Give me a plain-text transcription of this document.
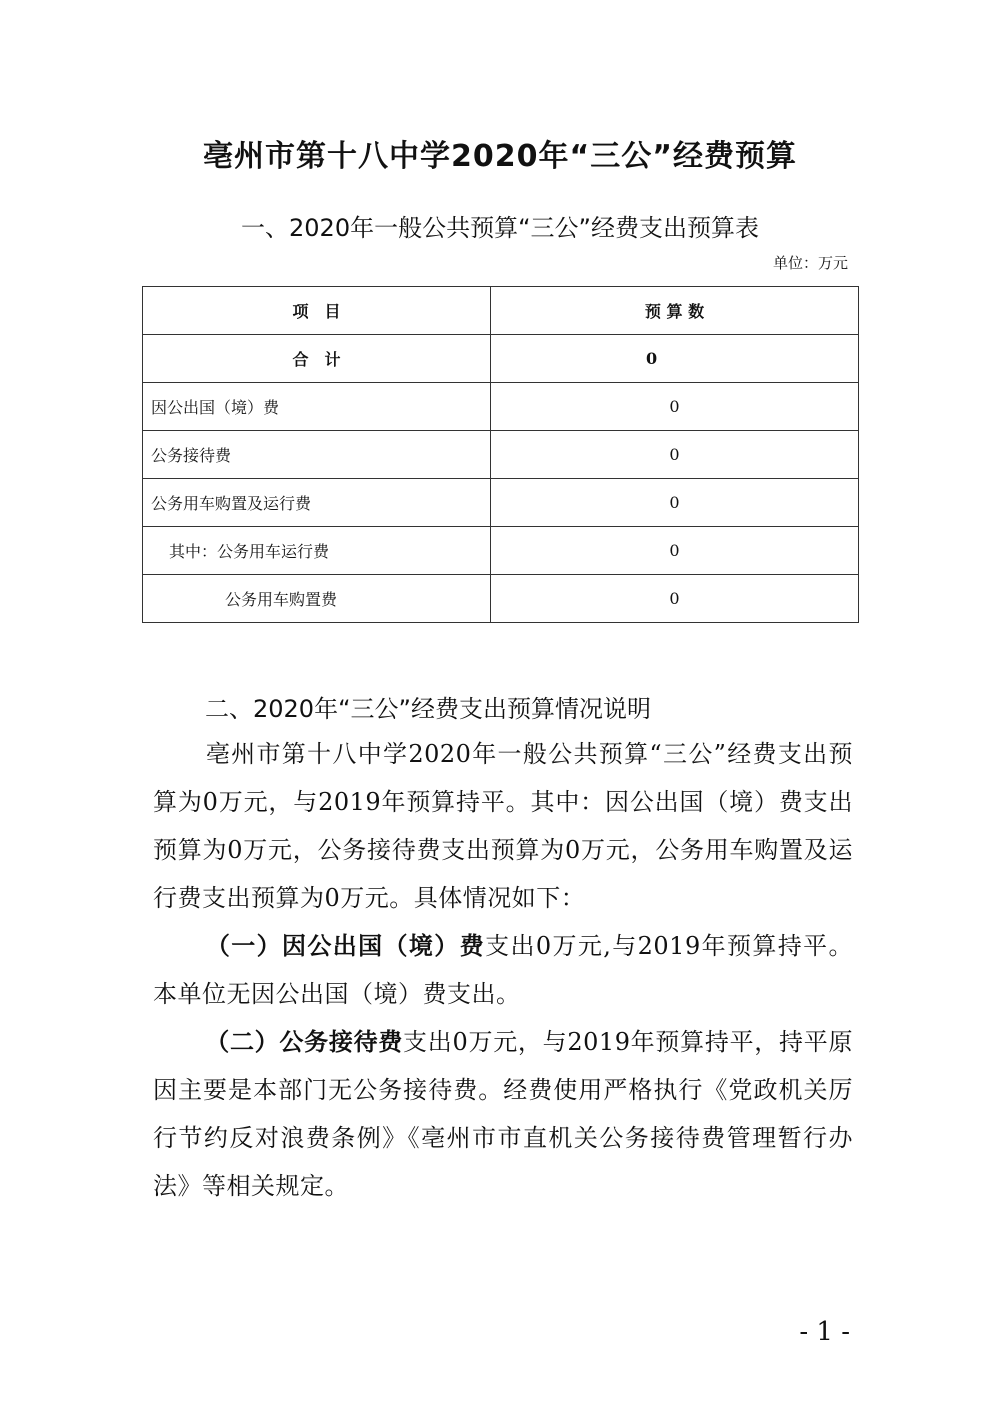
亳州市第十八中学2020年“三公”经费预算
一、2020年一般公共预算“三公”经费支出预算表
单位：万元
项　目	预 算 数
合　计	0
因公出国（境）费	0
公务接待费	0
公务用车购置及运行费	0
其中：公务用车运行费	0
公务用车购置费	0
二、2020年“三公”经费支出预算情况说明
亳州市第十八中学2020年一般公共预算“三公”经费支出预算为0万元，与2019年预算持平。其中：因公出国（境）费支出预算为0万元，公务接待费支出预算为0万元，公务用车购置及运行费支出预算为0万元。具体情况如下：
（一）因公出国（境）费支出0万元,与2019年预算持平。本单位无因公出国（境）费支出。
（二）公务接待费支出0万元，与2019年预算持平，持平原因主要是本部门无公务接待费。经费使用严格执行《党政机关厉行节约反对浪费条例》《亳州市市直机关公务接待费管理暂行办法》等相关规定。
- 1 -
